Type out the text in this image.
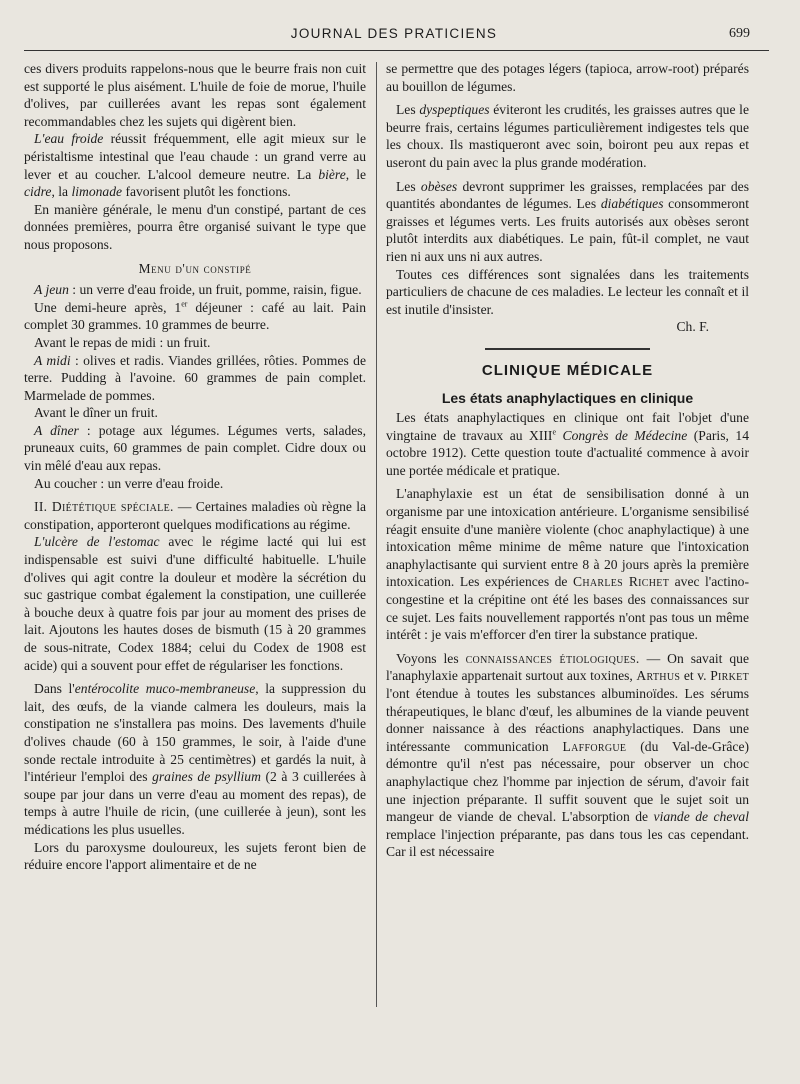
JOURNAL DES PRATICIENS	699

ces divers produits rappelons-nous que le beurre frais non cuit est supporté le plus aisément. L'huile de foie de morue, l'huile d'olives, par cuillerées avant les repas sont également recommandables chez les sujets qui digèrent bien.

L'eau froide réussit fréquemment, elle agit mieux sur le péristaltisme intestinal que l'eau chaude : un grand verre au lever et au coucher. L'alcool demeure neutre. La bière, le cidre, la limonade favorisent plutôt les fonctions.

En manière générale, le menu d'un constipé, partant de ces données premières, pourra être organisé suivant le type que nous proposons.

Menu d'un constipé

A jeun : un verre d'eau froide, un fruit, pomme, raisin, figue.

Une demi-heure après, 1er déjeuner : café au lait. Pain complet 30 grammes. 10 grammes de beurre.

Avant le repas de midi : un fruit.

A midi : olives et radis. Viandes grillées, rôties. Pommes de terre. Pudding à l'avoine. 60 grammes de pain complet. Marmelade de pommes.

Avant le dîner un fruit.

A dîner : potage aux légumes. Légumes verts, salades, pruneaux cuits, 60 grammes de pain complet. Cidre doux ou vin mêlé d'eau aux repas.

Au coucher : un verre d'eau froide.

II. Diététique spéciale. — Certaines maladies où règne la constipation, apporteront quelques modifications au régime.

L'ulcère de l'estomac avec le régime lacté qui lui est indispensable est suivi d'une difficulté habituelle. L'huile d'olives qui agit contre la douleur et modère la sécrétion du suc gastrique combat également la constipation, une cuillerée à bouche deux à quatre fois par jour au moment des prises de lait. Ajoutons les hautes doses de bismuth (15 à 20 grammes de sous-nitrate, Codex 1884; celui du Codex de 1908 est acide) qui a souvent pour effet de régulariser les fonctions.

Dans l'entérocolite muco-membraneuse, la suppression du lait, des œufs, de la viande calmera les douleurs, mais la constipation ne s'installera pas moins. Des lavements d'huile d'olives chaude (60 à 150 grammes, le soir, à l'aide d'une sonde rectale introduite à 25 centimètres) et gardés la nuit, à l'intérieur l'emploi des graines de psyllium (2 à 3 cuillerées à soupe par jour dans un verre d'eau au moment des repas), de temps à autre l'huile de ricin, (une cuillerée à jeun), sont les médications les plus usuelles.

Lors du paroxysme douloureux, les sujets feront bien de réduire encore l'apport alimentaire et de ne

se permettre que des potages légers (tapioca, arrow-root) préparés au bouillon de légumes.

Les dyspeptiques éviteront les crudités, les graisses autres que le beurre frais, certains légumes particulièrement indigestes tels que les choux. Ils mastiqueront avec soin, boiront peu aux repas et useront du pain avec la plus grande modération.

Les obèses devront supprimer les graisses, remplacées par des quantités abondantes de légumes. Les diabétiques consommeront graisses et légumes verts. Les fruits autorisés aux obèses seront plutôt interdits aux diabétiques. Le pain, fût-il complet, ne vaut rien ni aux uns ni aux autres.

Toutes ces différences sont signalées dans les traitements particuliers de chacune de ces maladies. Le lecteur les connaît et il est inutile d'insister.

Ch. F.

CLINIQUE MÉDICALE
Les états anaphylactiques en clinique

Les états anaphylactiques en clinique ont fait l'objet d'une vingtaine de travaux au XIIIe Congrès de Médecine (Paris, 14 octobre 1912). Cette question toute d'actualité commence à avoir une portée médicale et pratique.

L'anaphylaxie est un état de sensibilisation donné à un organisme par une intoxication antérieure. L'organisme sensibilisé réagit ensuite d'une manière violente (choc anaphylactique) à une intoxication même minime de même nature que l'intoxication anaphylactisante qui survient entre 8 à 20 jours après la première intoxication. Les expériences de Charles Richet avec l'actino-congestine et la crépitine ont été les bases des connaissances sur ce sujet. Les faits nouvellement rapportés n'ont pas tous un même intérêt : je vais m'efforcer d'en tirer la substance pratique.

Voyons les connaissances étiologiques. — On savait que l'anaphylaxie appartenait surtout aux toxines, Arthus et v. Pirket l'ont étendue à toutes les substances albuminoïdes. Les sérums thérapeutiques, le blanc d'œuf, les albumines de la viande peuvent donner naissance à des réactions anaphylactiques. Dans une intéressante communication Lafforgue (du Val-de-Grâce) démontre qu'il n'est pas nécessaire, pour observer un choc anaphylactique chez l'homme par injection de sérum, d'avoir fait une injection préparante. Il suffit souvent que le sujet soit un mangeur de viande de cheval. L'absorption de viande de cheval remplace l'injection préparante, pas dans tous les cas cependant. Car il est nécessaire
